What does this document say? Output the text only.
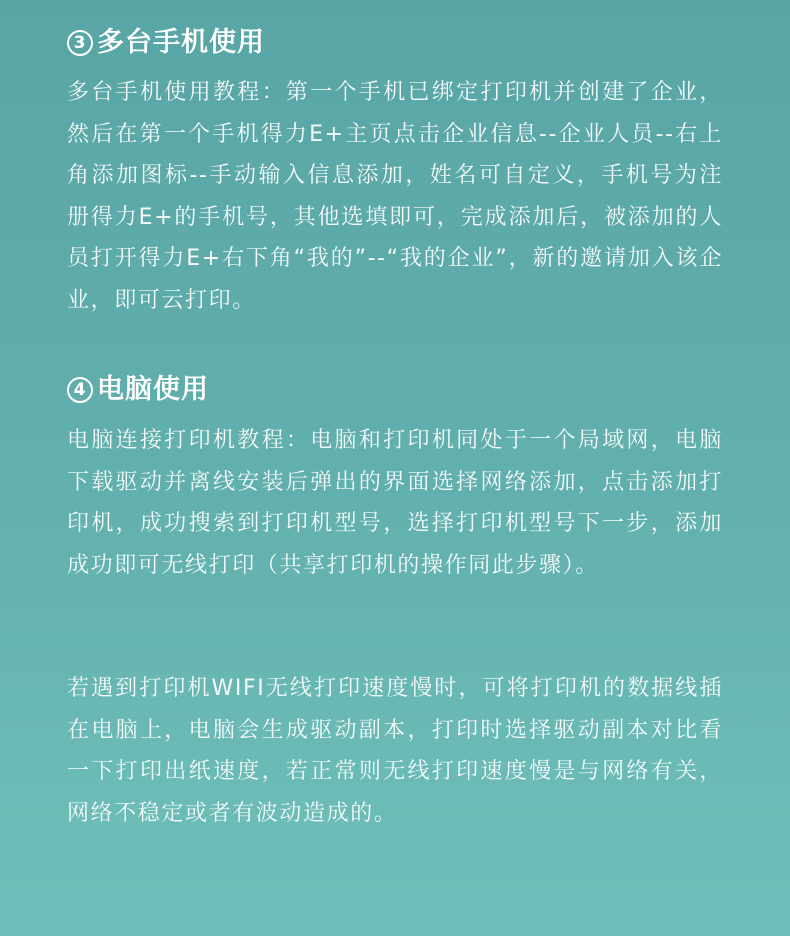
3 多台手机使用

多台手机使用教程：第一个手机已绑定打印机并创建了企业，然后在第一个手机得力E+主页点击企业信息--企业人员--右上角添加图标--手动输入信息添加，姓名可自定义，手机号为注册得力E+的手机号，其他选填即可，完成添加后，被添加的人员打开得力E+右下角“我的”--“我的企业”，新的邀请加入该企业，即可云打印。

4 电脑使用

电脑连接打印机教程：电脑和打印机同处于一个局域网，电脑下载驱动并离线安装后弹出的界面选择网络添加，点击添加打印机，成功搜索到打印机型号，选择打印机型号下一步，添加成功即可无线打印（共享打印机的操作同此步骤）。

若遇到打印机WIFI无线打印速度慢时，可将打印机的数据线插在电脑上，电脑会生成驱动副本，打印时选择驱动副本对比看一下打印出纸速度，若正常则无线打印速度慢是与网络有关，网络不稳定或者有波动造成的。
